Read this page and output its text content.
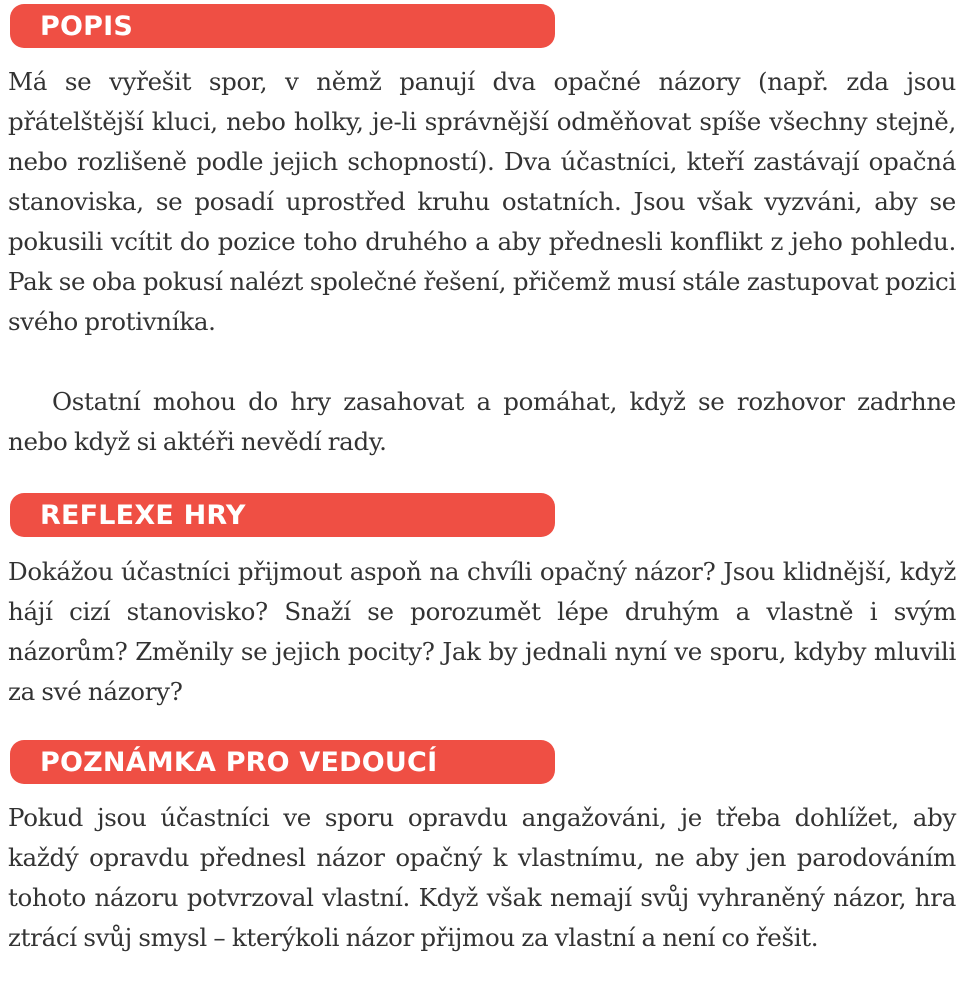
POPIS

Má se vyřešit spor, v němž panují dva opačné názory (např. zda jsou přátelštější kluci, nebo holky, je-li správnější odměňovat spíše všechny stejně, nebo rozlišeně podle jejich schopností). Dva účastníci, kteří zastávají opačná stanoviska, se posadí uprostřed kruhu ostatních. Jsou však vyzváni, aby se pokusili vcítit do pozice toho druhého a aby přednesli konflikt z jeho pohledu. Pak se oba pokusí nalézt společné řešení, přičemž musí stále zastupovat pozici svého protivníka.

Ostatní mohou do hry zasahovat a pomáhat, když se rozhovor zadrhne nebo když si aktéři nevědí rady.

REFLEXE HRY

Dokážou účastníci přijmout aspoň na chvíli opačný názor? Jsou klidnější, když hájí cizí stanovisko? Snaží se porozumět lépe druhým a vlastně i svým názorům? Změnily se jejich pocity? Jak by jednali nyní ve sporu, kdyby mluvili za své názory?

POZNÁMKA PRO VEDOUCÍ

Pokud jsou účastníci ve sporu opravdu angažováni, je třeba dohlížet, aby každý opravdu přednesl názor opačný k vlastnímu, ne aby jen parodováním tohoto názoru potvrzoval vlastní. Když však nemají svůj vyhraněný názor, hra ztrácí svůj smysl – kterýkoli názor přijmou za vlastní a není co řešit.
